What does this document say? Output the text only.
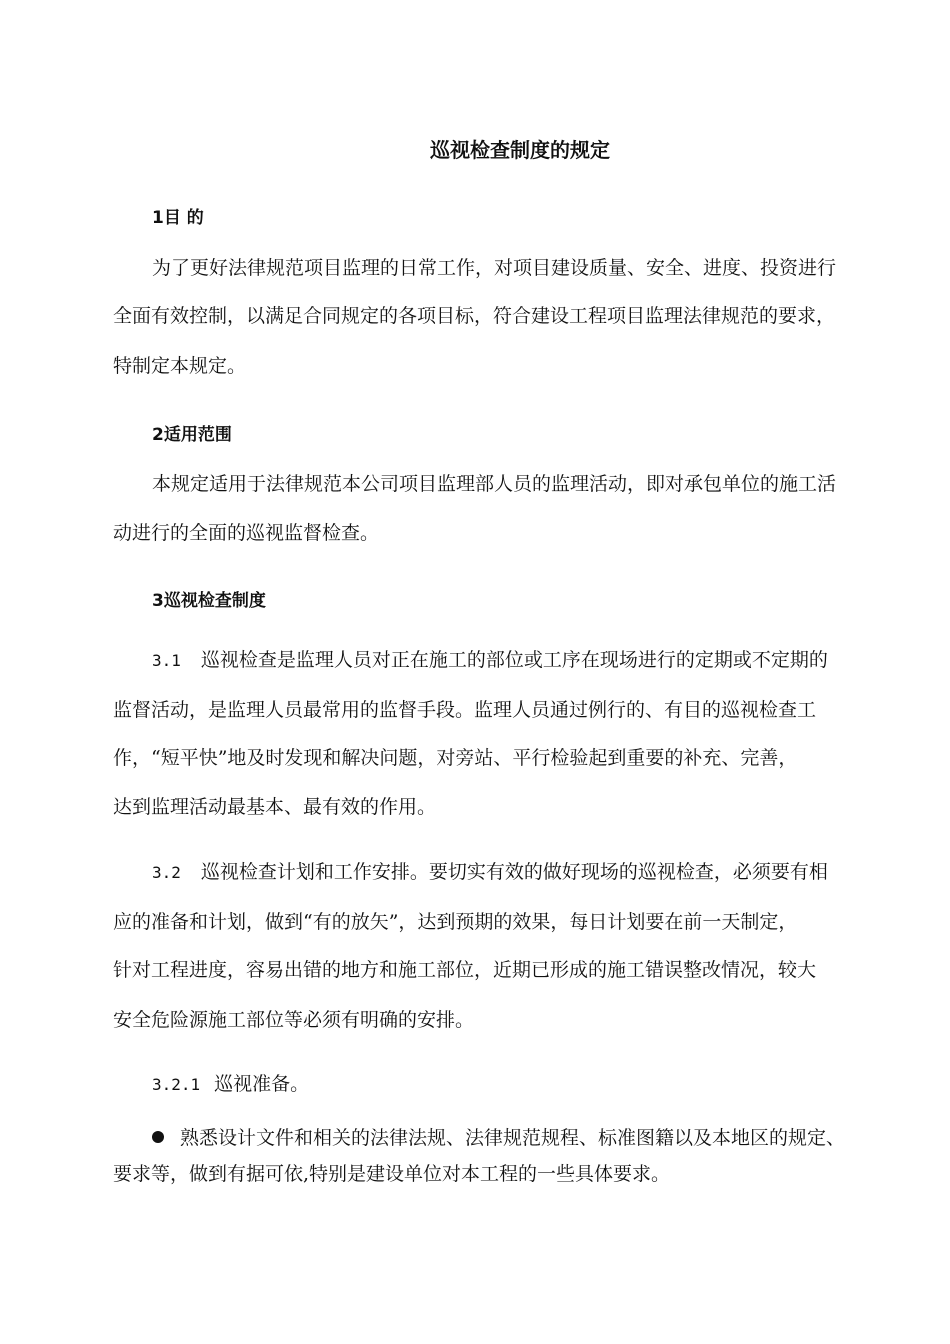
巡视检查制度的规定
1目 的
为了更好法律规范项目监理的日常工作，对项目建设质量、安全、进度、投资进行
全面有效控制，以满足合同规定的各项目标，符合建设工程项目监理法律规范的要求，
特制定本规定。
2适用范围
本规定适用于法律规范本公司项目监理部人员的监理活动，即对承包单位的施工活
动进行的全面的巡视监督检查。
3巡视检查制度
3.1 巡视检查是监理人员对正在施工的部位或工序在现场进行的定期或不定期的
监督活动，是监理人员最常用的监督手段。监理人员通过例行的、有目的巡视检查工
作，“短平快”地及时发现和解决问题，对旁站、平行检验起到重要的补充、完善，
达到监理活动最基本、最有效的作用。
3.2 巡视检查计划和工作安排。要切实有效的做好现场的巡视检查，必须要有相
应的准备和计划，做到“有的放矢”，达到预期的效果，每日计划要在前一天制定，
针对工程进度，容易出错的地方和施工部位，近期已形成的施工错误整改情况，较大
安全危险源施工部位等必须有明确的安排。
3.2.1 巡视准备。
熟悉设计文件和相关的法律法规、法律规范规程、标准图籍以及本地区的规定、
要求等，做到有据可依,特别是建设单位对本工程的一些具体要求。
